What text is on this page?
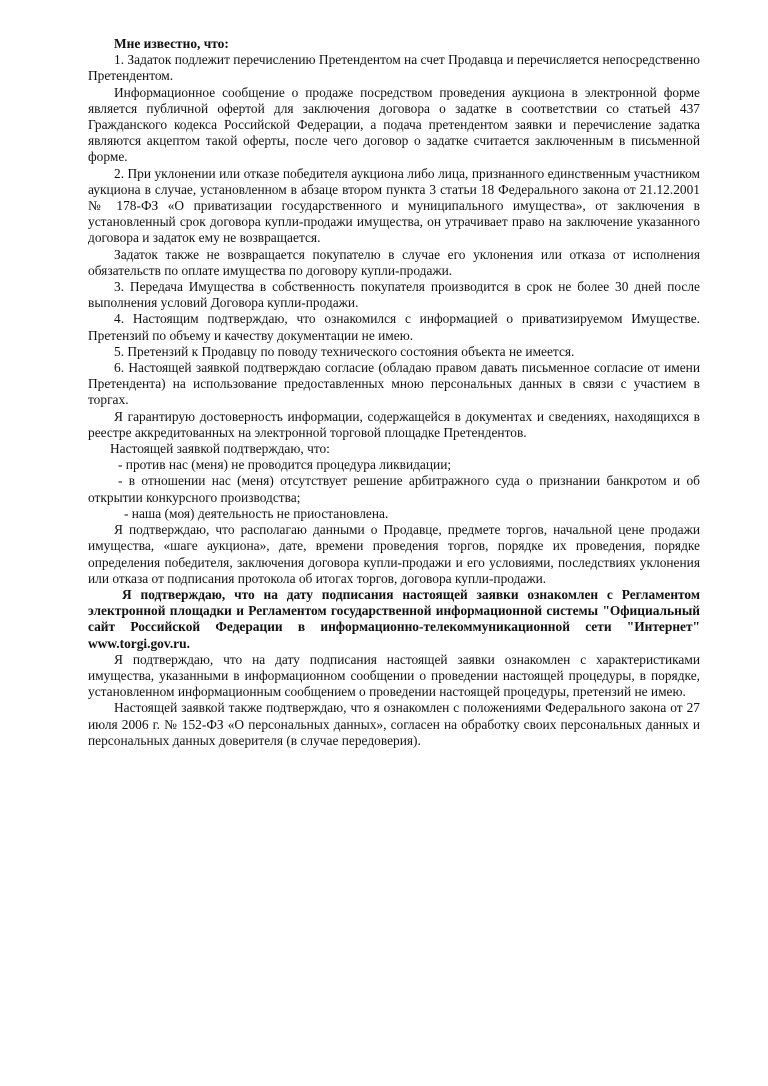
Мне известно, что:

1. Задаток подлежит перечислению Претендентом на счет Продавца и перечисляется непосредственно Претендентом.

Информационное сообщение о продаже посредством проведения аукциона в электронной форме является публичной офертой для заключения договора о задатке в соответствии со статьей 437 Гражданского кодекса Российской Федерации, а подача претендентом заявки и перечисление задатка являются акцептом такой оферты, после чего договор о задатке считается заключенным в письменной форме.

2. При уклонении или отказе победителя аукциона либо лица, признанного единственным участником аукциона в случае, установленном в абзаце втором пункта 3 статьи 18 Федерального закона от 21.12.2001 № 178-ФЗ «О приватизации государственного и муниципального имущества», от заключения в установленный срок договора купли-продажи имущества, он утрачивает право на заключение указанного договора и задаток ему не возвращается.

Задаток также не возвращается покупателю в случае его уклонения или отказа от исполнения обязательств по оплате имущества по договору купли-продажи.

3. Передача Имущества в собственность покупателя производится в срок не более 30 дней после выполнения условий Договора купли-продажи.

4. Настоящим подтверждаю, что ознакомился с информацией о приватизируемом Имуществе. Претензий по объему и качеству документации не имею.

5. Претензий к Продавцу по поводу технического состояния объекта не имеется.

6. Настоящей заявкой подтверждаю согласие (обладаю правом давать письменное согласие от имени Претендента) на использование предоставленных мною персональных данных в связи с участием в торгах.

Я гарантирую достоверность информации, содержащейся в документах и сведениях, находящихся в реестре аккредитованных на электронной торговой площадке Претендентов.

Настоящей заявкой подтверждаю, что:

- против нас (меня) не проводится процедура ликвидации;

- в отношении нас (меня) отсутствует решение арбитражного суда о признании банкротом и об открытии конкурсного производства;

- наша (моя) деятельность не приостановлена.

Я подтверждаю, что располагаю данными о Продавце, предмете торгов, начальной цене продажи имущества, «шаге аукциона», дате, времени проведения торгов, порядке их проведения, порядке определения победителя, заключения договора купли-продажи и его условиями, последствиях уклонения или отказа от подписания протокола об итогах торгов, договора купли-продажи.

Я подтверждаю, что на дату подписания настоящей заявки ознакомлен с Регламентом электронной площадки и Регламентом государственной информационной системы "Официальный сайт Российской Федерации в информационно-телекоммуникационной сети "Интернет" www.torgi.gov.ru.

Я подтверждаю, что на дату подписания настоящей заявки ознакомлен с характеристиками имущества, указанными в информационном сообщении о проведении настоящей процедуры, в порядке, установленном информационным сообщением о проведении настоящей процедуры, претензий не имею.

Настоящей заявкой также подтверждаю, что я ознакомлен с положениями Федерального закона от 27 июля 2006 г. № 152-ФЗ «О персональных данных», согласен на обработку своих персональных данных и персональных данных доверителя (в случае передоверия).
